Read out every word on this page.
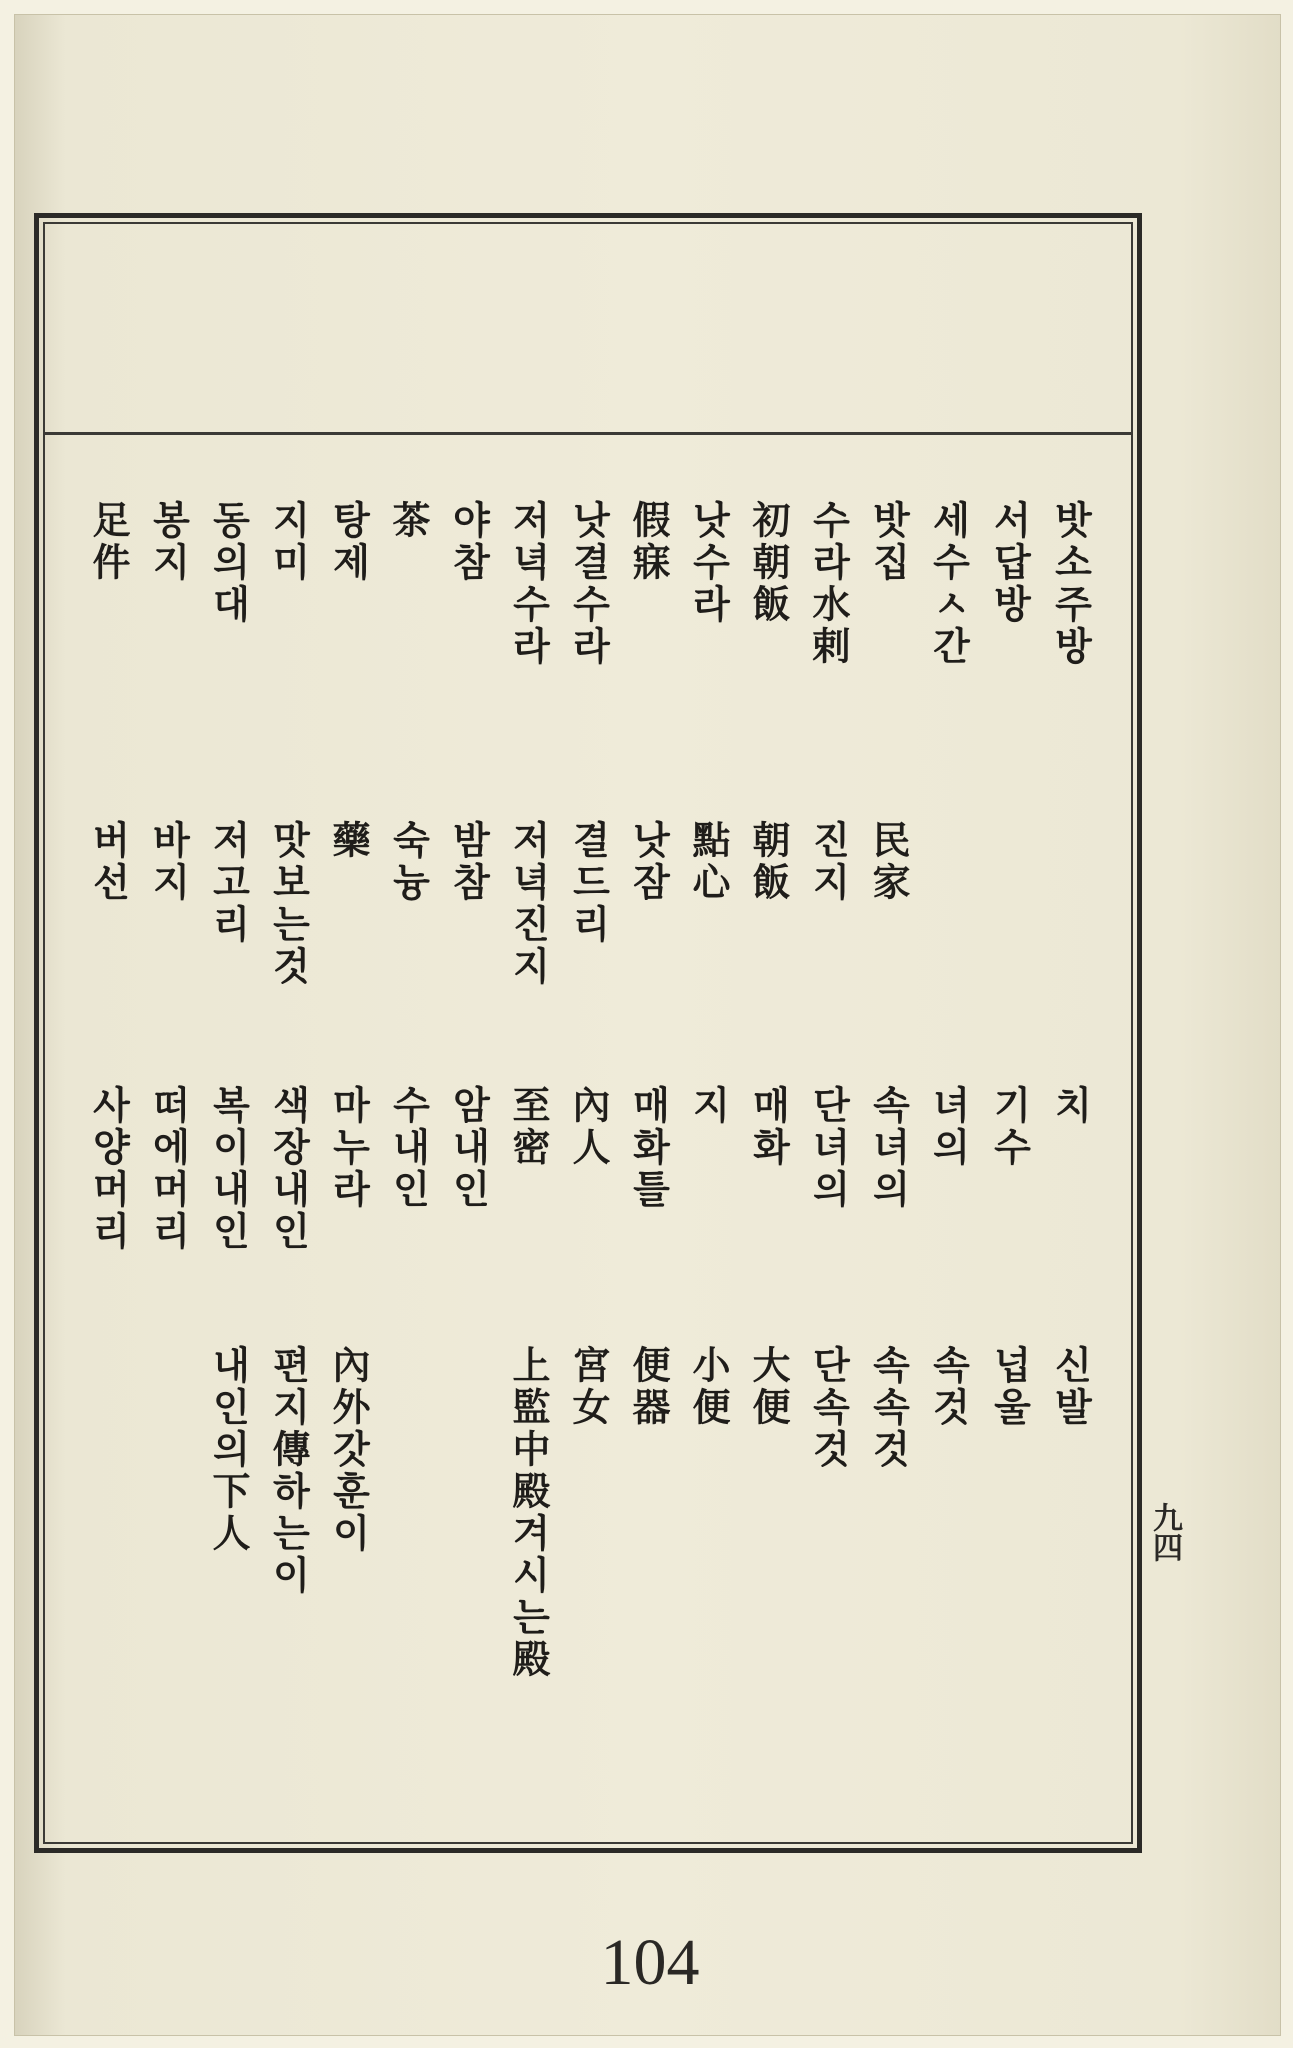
밧소주방
치
신발
서답방
기수
넙울
세수ㅅ간
녀의
속것
밧집
民家
속녀의
속속것
수라水剌
진지
단녀의
단속것
初朝飯
朝飯
매화
大便
낫수라
點心
지
小便
假寐
낫잠
매화틀
便器
낫결수라
결드리
內人
宮女
저녁수라
저녁진지
至密
上監中殿겨시는殿
야참
밤참
암내인
茶
숙늉
수내인
탕제
藥
마누라
內外갓훈이
지미
맛보는것
색장내인
편지傳하는이
동의대
저고리
복이내인
내인의下人
봉지
바지
떠에머리
足件
버선
사양머리
九四
104
